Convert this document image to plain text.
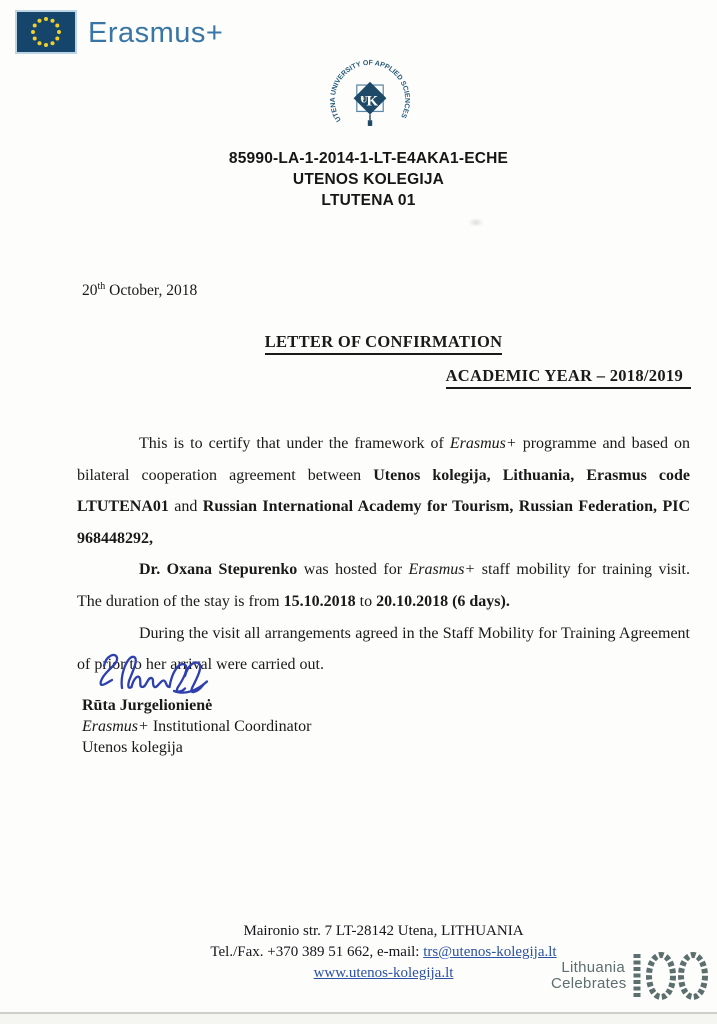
Erasmus+
UTENA UNIVERSITY OF APPLIED SCIENCES
U K
85990-LA-1-2014-1-LT-E4AKA1-ECHE
UTENOS KOLEGIJA
LTUTENA 01
20th October, 2018
LETTER OF CONFIRMATION
ACADEMIC YEAR – 2018/2019

This is to certify that under the framework of Erasmus+ programme and based on bilateral cooperation agreement between Utenos kolegija, Lithuania, Erasmus code LTUTENA01 and Russian International Academy for Tourism, Russian Federation, PIC 968448292,

Dr. Oxana Stepurenko was hosted for Erasmus+ staff mobility for training visit. The duration of the stay is from 15.10.2018 to 20.10.2018 (6 days).

During the visit all arrangements agreed in the Staff Mobility for Training Agreement of prior to her arrival were carried out.

Rūta Jurgelionienė
Erasmus+ Institutional Coordinator
Utenos kolegija
Maironio str. 7 LT-28142 Utena, LITHUANIA
Tel./Fax. +370 389 51 662, e-mail: trs@utenos-kolegija.lt
www.utenos-kolegija.lt	Lithuania
Celebrates
